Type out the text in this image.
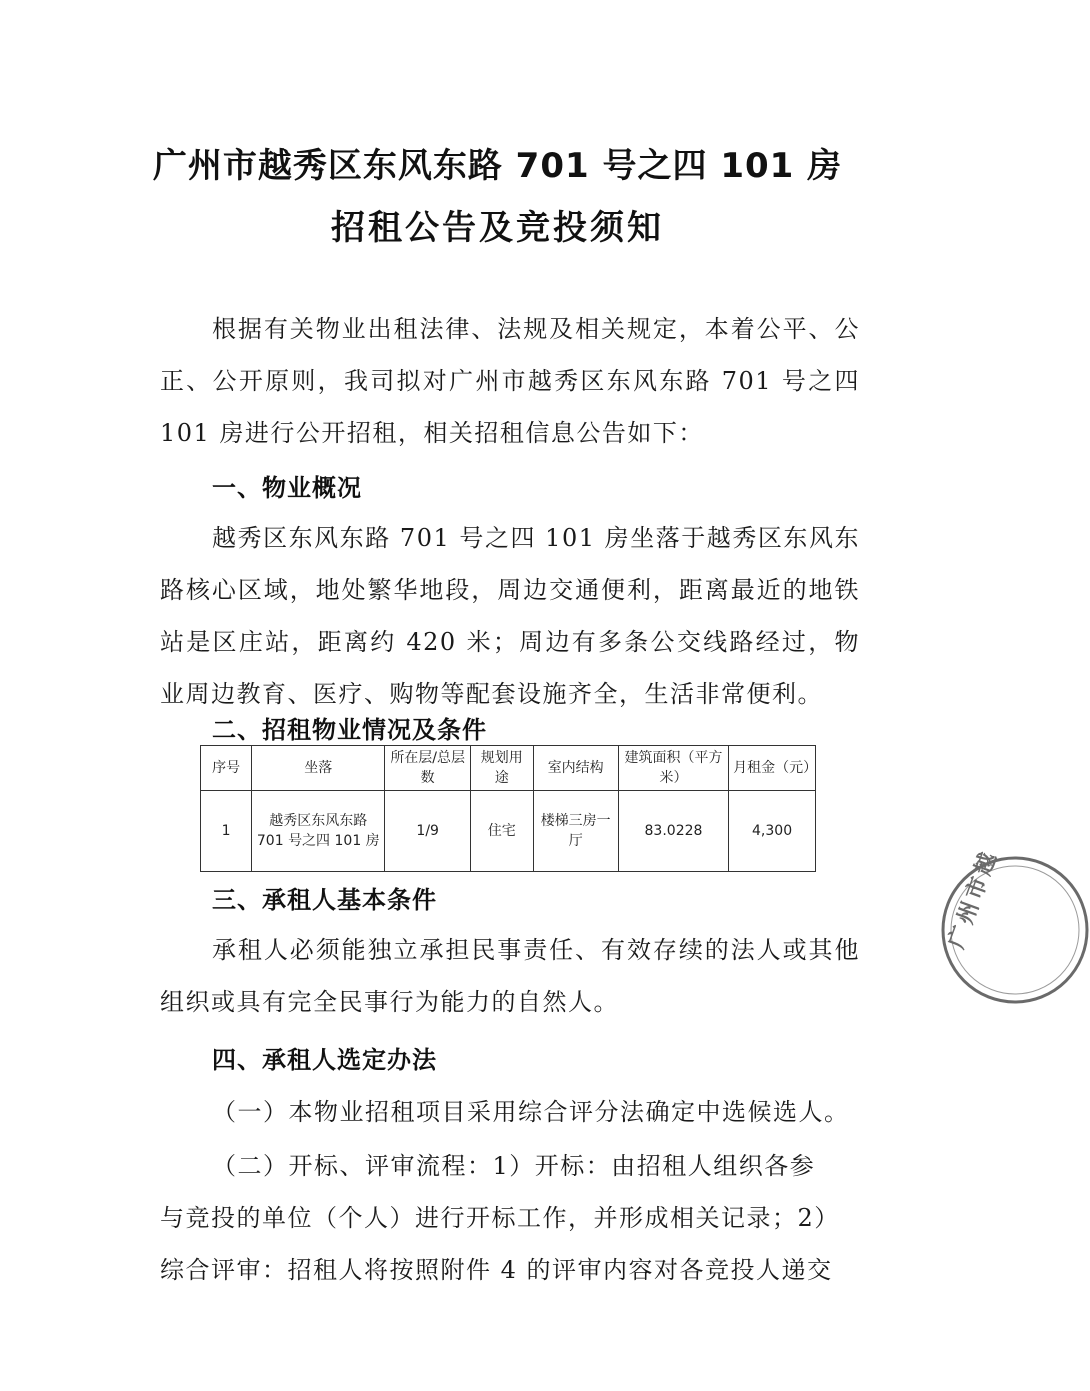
广州市越秀区东风东路 701 号之四 101 房
招租公告及竞投须知
根据有关物业出租法律、法规及相关规定，本着公平、公正、公开原则，我司拟对广州市越秀区东风东路 701 号之四 101 房进行公开招租，相关招租信息公告如下：
一、物业概况
越秀区东风东路 701 号之四 101 房坐落于越秀区东风东路核心区域，地处繁华地段，周边交通便利，距离最近的地铁站是区庄站，距离约 420 米；周边有多条公交线路经过，物业周边教育、医疗、购物等配套设施齐全，生活非常便利。
二、招租物业情况及条件
序号	坐落	所在层/总层数	规划用途	室内结构	建筑面积（平方米）	月租金（元）
1	越秀区东风东路 701 号之四 101 房	1/9	住宅	楼梯三房一厅	83.0228	4,300
三、承租人基本条件
承租人必须能独立承担民事责任、有效存续的法人或其他组织或具有完全民事行为能力的自然人。
四、承租人选定办法
（一）本物业招租项目采用综合评分法确定中选候选人。
（二）开标、评审流程：1）开标：由招租人组织各参
与竞投的单位（个人）进行开标工作，并形成相关记录；2）
综合评审：招租人将按照附件 4 的评审内容对各竞投人递交
广州市越
